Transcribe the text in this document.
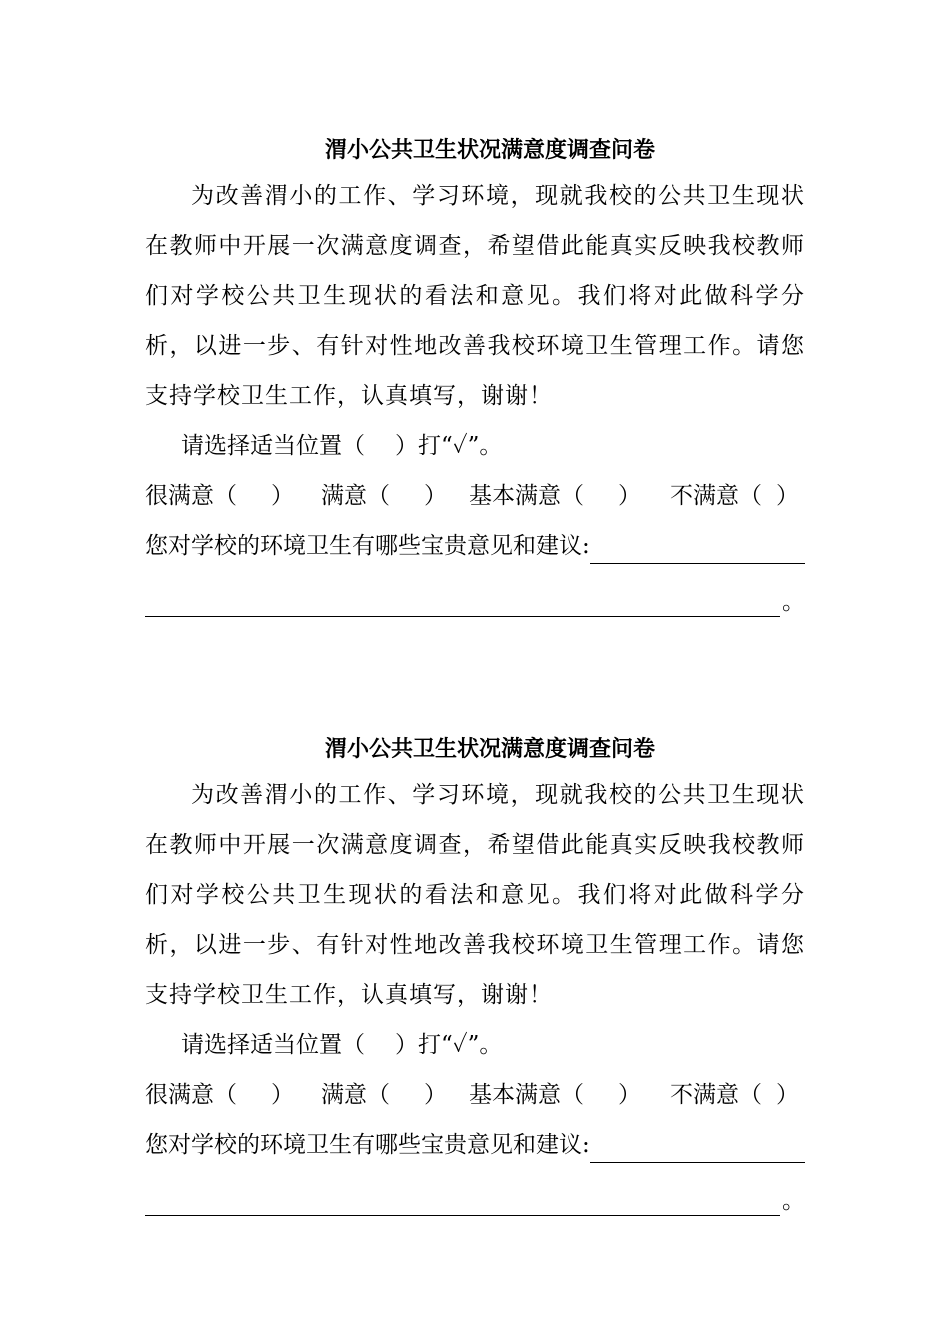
渭小公共卫生状况满意度调查问卷

为改善渭小的工作、学习环境，现就我校的公共卫生现状在教师中开展一次满意度调查，希望借此能真实反映我校教师们对学校公共卫生现状的看法和意见。我们将对此做科学分析，以进一步、有针对性地改善我校环境卫生管理工作。请您支持学校卫生工作，认真填写，谢谢！

请选择适当位置（ ）打“✓”。
很满意（ ）	满意（ ） 基本满意（ ）	不满意（ ）
您对学校的环境卫生有哪些宝贵意见和建议:
。
渭小公共卫生状况满意度调查问卷

为改善渭小的工作、学习环境，现就我校的公共卫生现状在教师中开展一次满意度调查，希望借此能真实反映我校教师们对学校公共卫生现状的看法和意见。我们将对此做科学分析，以进一步、有针对性地改善我校环境卫生管理工作。请您支持学校卫生工作，认真填写，谢谢！

请选择适当位置（ ）打“✓”。
很满意（ ）	满意（ ） 基本满意（ ）	不满意（ ）
您对学校的环境卫生有哪些宝贵意见和建议:
。
